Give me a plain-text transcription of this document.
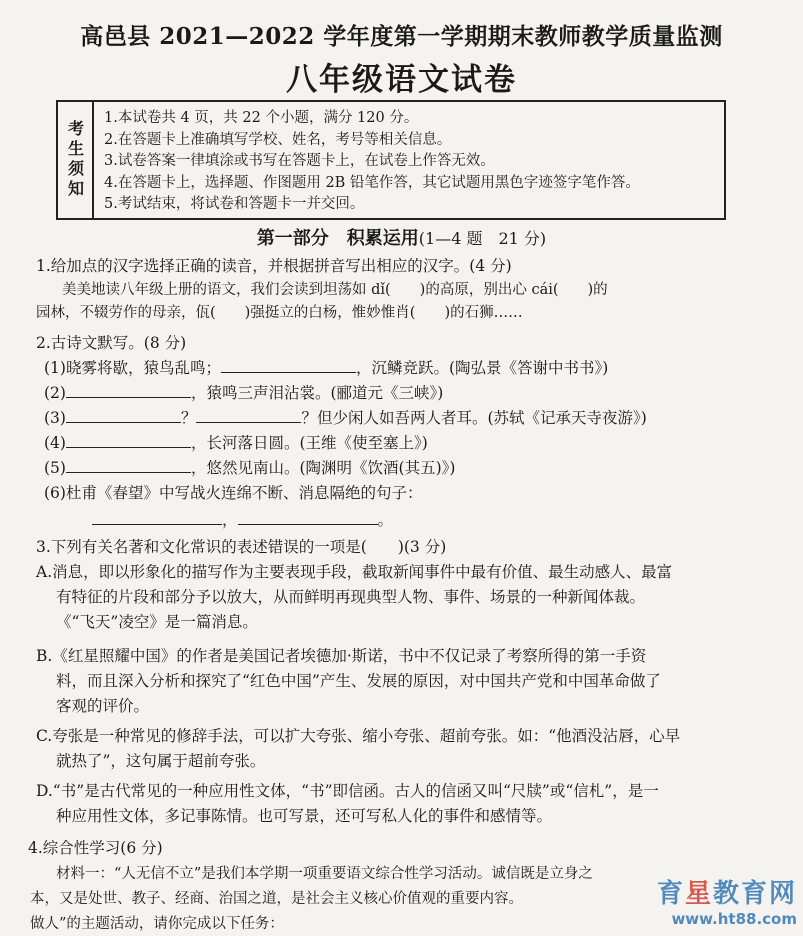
高邑县 2021—2022 学年度第一学期期末教师教学质量监测
八年级语文试卷
考生须知
1.本试卷共 4 页，共 22 个小题，满分 120 分。
2.在答题卡上准确填写学校、姓名，考号等相关信息。
3.试卷答案一律填涂或书写在答题卡上，在试卷上作答无效。
4.在答题卡上，选择题、作图题用 2B 铅笔作答，其它试题用黑色字迹签字笔作答。
5.考试结束，将试卷和答题卡一并交回。
第一部分　积累运用(1—4 题　21 分)
1.给加点的汉字选择正确的读音，并根据拼音写出相应的汉字。(4 分)
美美地读八年级上册的语文，我们会读到坦荡如 dǐ(　　)的高原，别出心 cái(　　)的
园林，不辍劳作的母亲，佤(　　)强挺立的白杨，惟妙惟肖(　　)的石狮……
2.古诗文默写。(8 分)
(1)晓雾将歇，猿鸟乱鸣；	，沉鳞竞跃。(陶弘景《答谢中书书》)
(2)	，猿鸣三声泪沾裳。(郦道元《三峡》)
(3)	？	？但少闲人如吾两人者耳。(苏轼《记承天寺夜游》)
(4)	，长河落日圆。(王维《使至塞上》)
(5)	，悠然见南山。(陶渊明《饮酒(其五)》)
(6)杜甫《春望》中写战火连绵不断、消息隔绝的句子：
，	。
3.下列有关名著和文化常识的表述错误的一项是(　　)(3 分)
A.消息，即以形象化的描写作为主要表现手段，截取新闻事件中最有价值、最生动感人、最富
有特征的片段和部分予以放大，从而鲜明再现典型人物、事件、场景的一种新闻体裁。
《“飞天”凌空》是一篇消息。
B.《红星照耀中国》的作者是美国记者埃德加·斯诺，书中不仅记录了考察所得的第一手资
料，而且深入分析和探究了“红色中国”产生、发展的原因，对中国共产党和中国革命做了
客观的评价。
C.夸张是一种常见的修辞手法，可以扩大夸张、缩小夸张、超前夸张。如：“他酒没沾唇，心早
就热了”，这句属于超前夸张。
D.“书”是古代常见的一种应用性文体，“书”即信函。古人的信函又叫“尺牍”或“信札”，是一
种应用性文体，多记事陈情。也可写景，还可写私人化的事件和感情等。
4.综合性学习(6 分)
材料一：“人无信不立”是我们本学期一项重要语文综合性学习活动。诚信既是立身之
本，又是处世、教子、经商、治国之道，是社会主义核心价值观的重要内容。
做人”的主题活动，请你完成以下任务：
育星教育网
www.ht88.com
